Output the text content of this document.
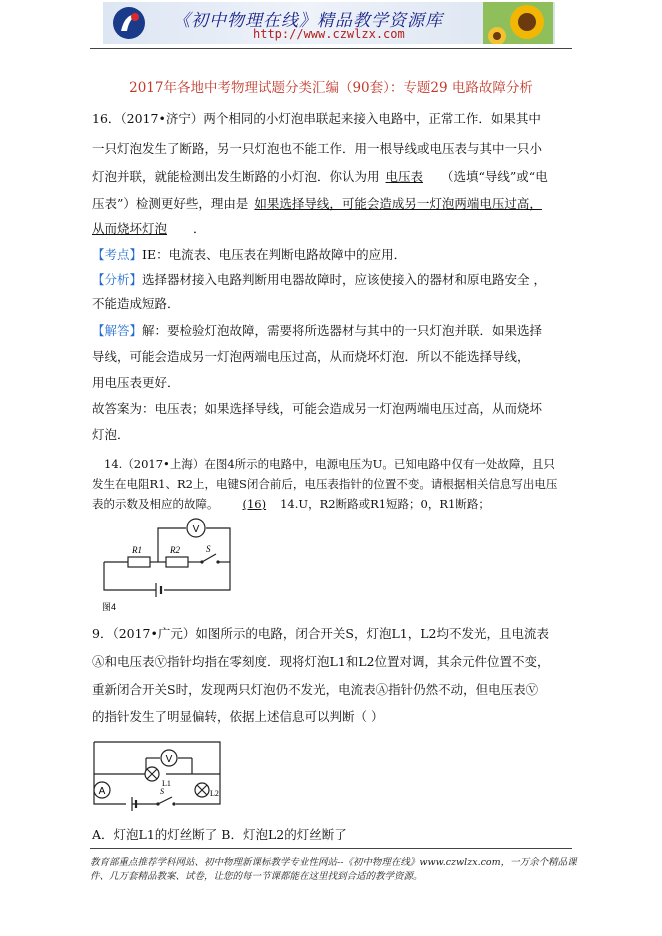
《初中物理在线》精品教学资源库
http://www.czwlzx.com
2017年各地中考物理试题分类汇编（90套）：专题29 电路故障分析
16．（2017•济宁）两个相同的小灯泡串联起来接入电路中，正常工作．如果其中
一只灯泡发生了断路，另一只灯泡也不能工作．用一根导线或电压表与其中一只小
灯泡并联，就能检测出发生断路的小灯泡．你认为用 电压表 （选填“导线”或“电
压表”）检测更好些，理由是 如果选择导线，可能会造成另一灯泡两端电压过高，
从而烧坏灯泡 ．
【考点】IE：电流表、电压表在判断电路故障中的应用．
【分析】选择器材接入电路判断用电器故障时，应该使接入的器材和原电路安全 ，
不能造成短路．
【解答】解：要检验灯泡故障，需要将所选器材与其中的一只灯泡并联．如果选择
导线，可能会造成另一灯泡两端电压过高，从而烧坏灯泡．所以不能选择导线，
用电压表更好．
故答案为：电压表；如果选择导线，可能会造成另一灯泡两端电压过高，从而烧坏
灯泡．
14.（2017•上海）在图4所示的电路中，电源电压为U。已知电路中仅有一处故障，且只
发生在电阻R1、R2上，电键S闭合前后，电压表指针的位置不变。请根据相关信息写出电压
表的示数及相应的故障。 (16) 14.U，R2断路或R1短路；0，R1断路；
V
R1	R2	S
图4
9．（2017•广元）如图所示的电路，闭合开关S，灯泡L1，L2均不发光，且电流表
Ⓐ和电压表Ⓥ指针均指在零刻度．现将灯泡L1和L2位置对调，其余元件位置不变，
重新闭合开关S时，发现两只灯泡仍不发光，电流表Ⓐ指针仍然不动，但电压表Ⓥ
的指针发生了明显偏转，依据上述信息可以判断（ ）
A
V
L1
L2
S
A．灯泡L1的灯丝断了 B．灯泡L2的灯丝断了
教育部重点推荐学科网站、初中物理新课标教学专业性网站--《初中物理在线》www.czwlzx.com，一万余个精品课件、几万套精品教案、试卷，让您的每一节课都能在这里找到合适的教学资源。
